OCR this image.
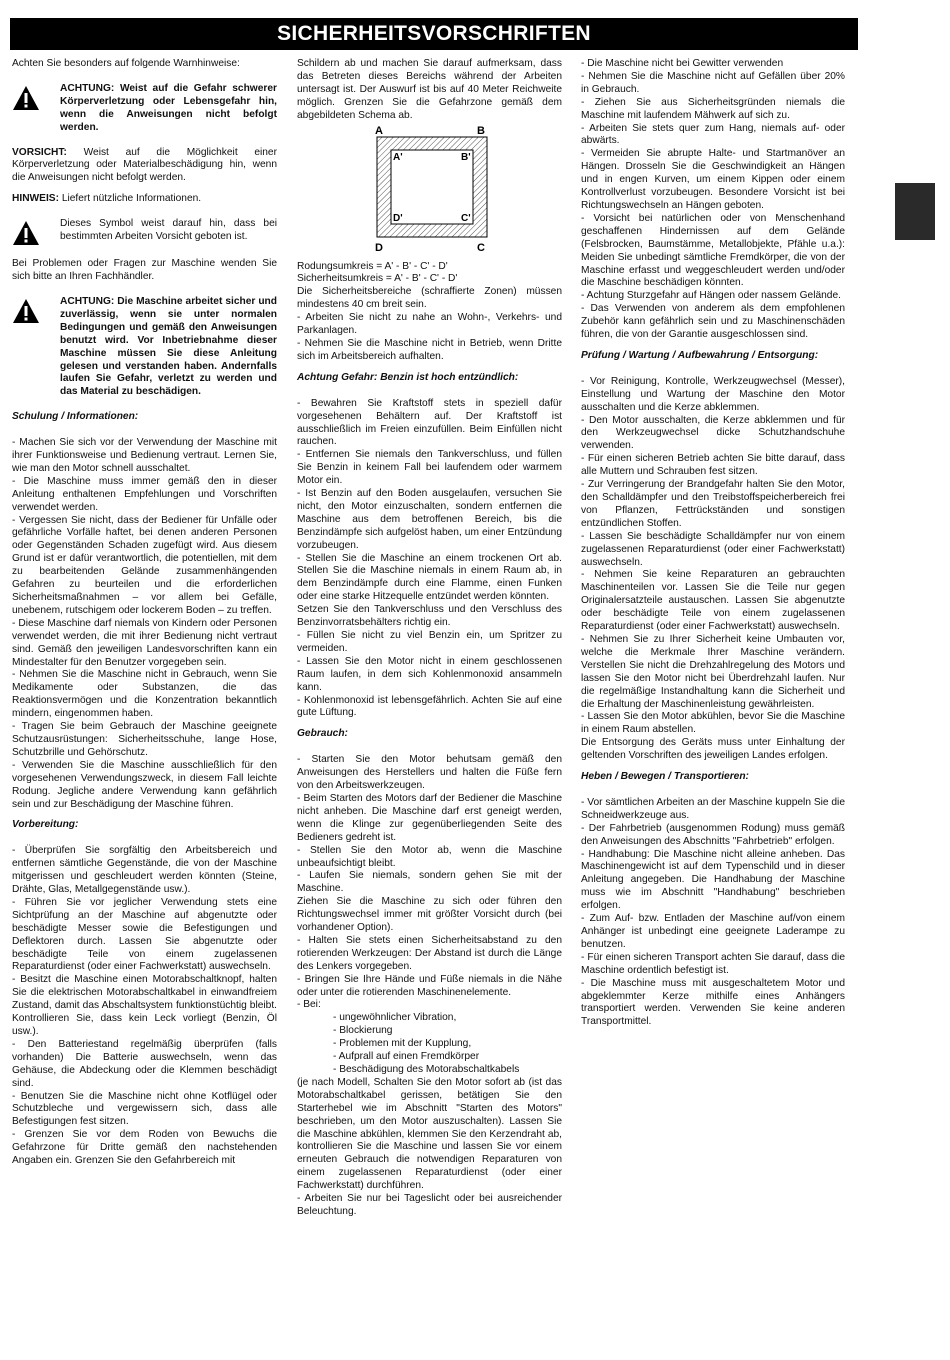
SICHERHEITSVORSCHRIFTEN

Achten Sie besonders auf folgende Warnhinweise:

ACHTUNG: Weist auf die Gefahr schwerer Körperverletzung oder Lebensgefahr hin, wenn die Anweisungen nicht befolgt werden.

VORSICHT: Weist auf die Möglichkeit einer Körperverletzung oder Materialbeschädigung hin, wenn die Anweisungen nicht befolgt werden.

HINWEIS: Liefert nützliche Informationen.

Dieses Symbol weist darauf hin, dass bei bestimmten Arbeiten Vorsicht geboten ist.

Bei Problemen oder Fragen zur Maschine wenden Sie sich bitte an Ihren Fachhändler.

ACHTUNG: Die Maschine arbeitet sicher und zuverlässig, wenn sie unter normalen Bedingungen und gemäß den Anweisungen benutzt wird. Vor Inbetriebnahme dieser Maschine müssen Sie diese Anleitung gelesen und verstanden haben. Andernfalls laufen Sie Gefahr, verletzt zu werden und das Material zu beschädigen.

Schulung / Informationen:

- Machen Sie sich vor der Verwendung der Maschine mit ihrer Funktionsweise und Bedienung vertraut. Lernen Sie, wie man den Motor schnell ausschaltet.

- Die Maschine muss immer gemäß den in dieser Anleitung enthaltenen Empfehlungen und Vorschriften verwendet werden.

- Vergessen Sie nicht, dass der Bediener für Unfälle oder gefährliche Vorfälle haftet, bei denen anderen Personen oder Gegenständen Schaden zugefügt wird. Aus diesem Grund ist er dafür verantwortlich, die potentiellen, mit dem zu bearbeitenden Gelände zusammenhängenden Gefahren zu beurteilen und die erforderlichen Sicherheitsmaßnahmen – vor allem bei Gefälle, unebenem, rutschigem oder lockerem Boden – zu treffen.

- Diese Maschine darf niemals von Kindern oder Personen verwendet werden, die mit ihrer Bedienung nicht vertraut sind. Gemäß den jeweiligen Landesvorschriften kann ein Mindestalter für den Benutzer vorgegeben sein.

- Nehmen Sie die Maschine nicht in Gebrauch, wenn Sie Medikamente oder Substanzen, die das Reaktionsvermögen und die Konzentration bekanntlich mindern, eingenommen haben.

- Tragen Sie beim Gebrauch der Maschine geeignete Schutzausrüstungen: Sicherheitsschuhe, lange Hose, Schutzbrille und Gehörschutz.

- Verwenden Sie die Maschine ausschließlich für den vorgesehenen Verwendungszweck, in diesem Fall leichte Rodung. Jegliche andere Verwendung kann gefährlich sein und zur Beschädigung der Maschine führen.

Vorbereitung:

- Überprüfen Sie sorgfältig den Arbeitsbereich und entfernen sämtliche Gegenstände, die von der Maschine mitgerissen und geschleudert werden könnten (Steine, Drähte, Glas, Metallgegenstände usw.).

- Führen Sie vor jeglicher Verwendung stets eine Sichtprüfung an der Maschine auf abgenutzte oder beschädigte Messer sowie die Befestigungen und Deflektoren durch. Lassen Sie abgenutzte oder beschädigte Teile von einem zugelassenen Reparaturdienst (oder einer Fachwerkstatt) auswechseln.

- Besitzt die Maschine einen Motorabschaltknopf, halten Sie die elektrischen Motorabschaltkabel in einwandfreiem Zustand, damit das Abschaltsystem funktionstüchtig bleibt. Kontrollieren Sie, dass kein Leck vorliegt (Benzin, Öl usw.).

- Den Batteriestand regelmäßig überprüfen (falls vorhanden) Die Batterie auswechseln, wenn das Gehäuse, die Abdeckung oder die Klemmen beschädigt sind.

- Benutzen Sie die Maschine nicht ohne Kotflügel oder Schutzbleche und vergewissern sich, dass alle Befestigungen fest sitzen.

- Grenzen Sie vor dem Roden von Bewuchs die Gefahrzone für Dritte gemäß den nachstehenden Angaben ein. Grenzen Sie den Gefahrbereich mit

Schildern ab und machen Sie darauf aufmerksam, dass das Betreten dieses Bereichs während der Arbeiten untersagt ist. Der Auswurf ist bis auf 40 Meter Reichweite möglich. Grenzen Sie die Gefahrzone gemäß dem abgebildeten Schema ab.

A	B
A'	B'
D'	C'
D	C

Rodungsumkreis = A' - B' - C' - D'

Sicherheitsumkreis = A' - B' - C' - D'

Die Sicherheitsbereiche (schraffierte Zonen) müssen mindestens 40 cm breit sein.

- Arbeiten Sie nicht zu nahe an Wohn-, Verkehrs- und Parkanlagen.

- Nehmen Sie die Maschine nicht in Betrieb, wenn Dritte sich im Arbeitsbereich aufhalten.

Achtung Gefahr: Benzin ist hoch entzündlich:

- Bewahren Sie Kraftstoff stets in speziell dafür vorgesehenen Behältern auf. Der Kraftstoff ist ausschließlich im Freien einzufüllen. Beim Einfüllen nicht rauchen.

- Entfernen Sie niemals den Tankverschluss, und füllen Sie Benzin in keinem Fall bei laufendem oder warmem Motor ein.

- Ist Benzin auf den Boden ausgelaufen, versuchen Sie nicht, den Motor einzuschalten, sondern entfernen die Maschine aus dem betroffenen Bereich, bis die Benzindämpfe sich aufgelöst haben, um einer Entzündung vorzubeugen.

- Stellen Sie die Maschine an einem trockenen Ort ab. Stellen Sie die Maschine niemals in einem Raum ab, in dem Benzindämpfe durch eine Flamme, einen Funken oder eine starke Hitzequelle entzündet werden könnten.

Setzen Sie den Tankverschluss und den Verschluss des Benzinvorratsbehälters richtig ein.

- Füllen Sie nicht zu viel Benzin ein, um Spritzer zu vermeiden.

- Lassen Sie den Motor nicht in einem geschlossenen Raum laufen, in dem sich Kohlenmonoxid ansammeln kann.

- Kohlenmonoxid ist lebensgefährlich. Achten Sie auf eine gute Lüftung.

Gebrauch:

- Starten Sie den Motor behutsam gemäß den Anweisungen des Herstellers und halten die Füße fern von den Arbeitswerkzeugen.

- Beim Starten des Motors darf der Bediener die Maschine nicht anheben. Die Maschine darf erst geneigt werden, wenn die Klinge zur gegenüberliegenden Seite des Bedieners gedreht ist.

- Stellen Sie den Motor ab, wenn die Maschine unbeaufsichtigt bleibt.

- Laufen Sie niemals, sondern gehen Sie mit der Maschine.

Ziehen Sie die Maschine zu sich oder führen den Richtungswechsel immer mit größter Vorsicht durch (bei vorhandener Option).

- Halten Sie stets einen Sicherheitsabstand zu den rotierenden Werkzeugen: Der Abstand ist durch die Länge des Lenkers vorgegeben.

- Bringen Sie Ihre Hände und Füße niemals in die Nähe oder unter die rotierenden Maschinenelemente.

- Bei:

- ungewöhnlicher Vibration,

- Blockierung

- Problemen mit der Kupplung,

- Aufprall auf einen Fremdkörper

- Beschädigung des Motorabschaltkabels

(je nach Modell, Schalten Sie den Motor sofort ab (ist das Motorabschaltkabel gerissen, betätigen Sie den Starterhebel wie im Abschnitt "Starten des Motors" beschrieben, um den Motor auszuschalten). Lassen Sie die Maschine abkühlen, klemmen Sie den Kerzendraht ab, kontrollieren Sie die Maschine und lassen Sie vor einem erneuten Gebrauch die notwendigen Reparaturen von einem zugelassenen Reparaturdienst (oder einer Fachwerkstatt) durchführen.

- Arbeiten Sie nur bei Tageslicht oder bei ausreichender Beleuchtung.

- Die Maschine nicht bei Gewitter verwenden

- Nehmen Sie die Maschine nicht auf Gefällen über 20% in Gebrauch.

- Ziehen Sie aus Sicherheitsgründen niemals die Maschine mit laufendem Mähwerk auf sich zu.

- Arbeiten Sie stets quer zum Hang, niemals auf- oder abwärts.

- Vermeiden Sie abrupte Halte- und Startmanöver an Hängen. Drosseln Sie die Geschwindigkeit an Hängen und in engen Kurven, um einem Kippen oder einem Kontrollverlust vorzubeugen. Besondere Vorsicht ist bei Richtungswechseln an Hängen geboten.

- Vorsicht bei natürlichen oder von Menschenhand geschaffenen Hindernissen auf dem Gelände (Felsbrocken, Baumstämme, Metallobjekte, Pfähle u.a.): Meiden Sie unbedingt sämtliche Fremdkörper, die von der Maschine erfasst und weggeschleudert werden und/oder die Maschine beschädigen könnten.

- Achtung Sturzgefahr auf Hängen oder nassem Gelände.

- Das Verwenden von anderem als dem empfohlenen Zubehör kann gefährlich sein und zu Maschinenschäden führen, die von der Garantie ausgeschlossen sind.

Prüfung / Wartung / Aufbewahrung / Entsorgung:

- Vor Reinigung, Kontrolle, Werkzeugwechsel (Messer), Einstellung und Wartung der Maschine den Motor ausschalten und die Kerze abklemmen.

- Den Motor ausschalten, die Kerze abklemmen und für den Werkzeugwechsel dicke Schutzhandschuhe verwenden.

- Für einen sicheren Betrieb achten Sie bitte darauf, dass alle Muttern und Schrauben fest sitzen.

- Zur Verringerung der Brandgefahr halten Sie den Motor, den Schalldämpfer und den Treibstoffspeicherbereich frei von Pflanzen, Fettrückständen und sonstigen entzündlichen Stoffen.

- Lassen Sie beschädigte Schalldämpfer nur von einem zugelassenen Reparaturdienst (oder einer Fachwerkstatt) auswechseln.

- Nehmen Sie keine Reparaturen an gebrauchten Maschinenteilen vor. Lassen Sie die Teile nur gegen Originalersatzteile austauschen. Lassen Sie abgenutzte oder beschädigte Teile von einem zugelassenen Reparaturdienst (oder einer Fachwerkstatt) auswechseln.

- Nehmen Sie zu Ihrer Sicherheit keine Umbauten vor, welche die Merkmale Ihrer Maschine verändern. Verstellen Sie nicht die Drehzahlregelung des Motors und lassen Sie den Motor nicht bei Überdrehzahl laufen. Nur die regelmäßige Instandhaltung kann die Sicherheit und die Erhaltung der Maschinenleistung gewährleisten.

- Lassen Sie den Motor abkühlen, bevor Sie die Maschine in einem Raum abstellen.

Die Entsorgung des Geräts muss unter Einhaltung der geltenden Vorschriften des jeweiligen Landes erfolgen.

Heben / Bewegen / Transportieren:

- Vor sämtlichen Arbeiten an der Maschine kuppeln Sie die Schneidwerkzeuge aus.

- Der Fahrbetrieb (ausgenommen Rodung) muss gemäß den Anweisungen des Abschnitts "Fahrbetrieb" erfolgen.

- Handhabung: Die Maschine nicht alleine anheben. Das Maschinengewicht ist auf dem Typenschild und in dieser Anleitung angegeben. Die Handhabung der Maschine muss wie im Abschnitt "Handhabung" beschrieben erfolgen.

- Zum Auf- bzw. Entladen der Maschine auf/von einem Anhänger ist unbedingt eine geeignete Laderampe zu benutzen.

- Für einen sicheren Transport achten Sie darauf, dass die Maschine ordentlich befestigt ist.

- Die Maschine muss mit ausgeschaltetem Motor und abgeklemmter Kerze mithilfe eines Anhängers transportiert werden. Verwenden Sie keine anderen Transportmittel.
